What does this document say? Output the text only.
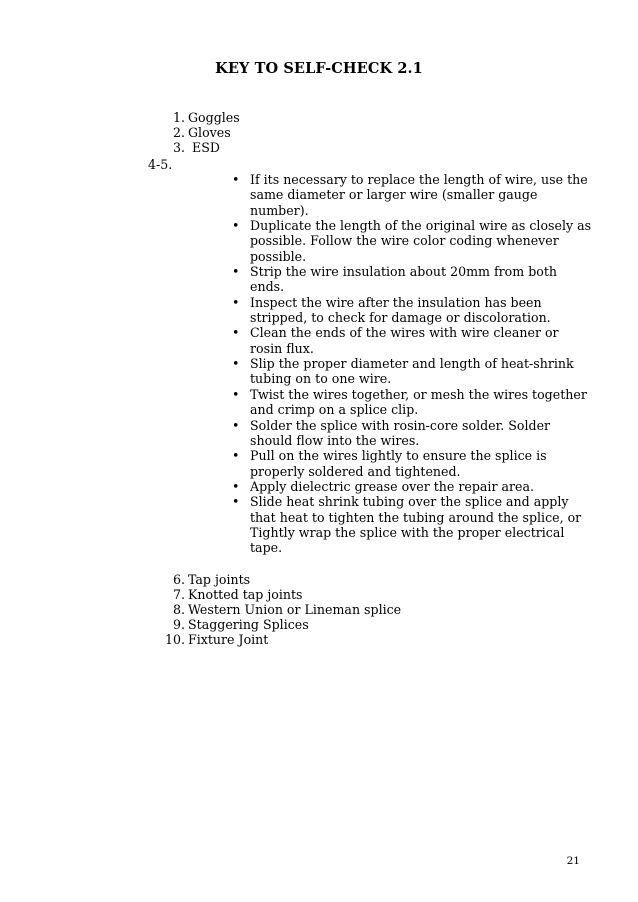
KEY TO SELF-CHECK 2.1
1. Goggles
2. Gloves
3. ESD
4-5.
• If its necessary to replace the length of wire, use the same diameter or larger wire (smaller gauge number).
• Duplicate the length of the original wire as closely as possible. Follow the wire color coding whenever possible.
• Strip the wire insulation about 20mm from both ends.
• Inspect the wire after the insulation has been stripped, to check for damage or discoloration.
• Clean the ends of the wires with wire cleaner or rosin flux.
• Slip the proper diameter and length of heat-shrink tubing on to one wire.
• Twist the wires together, or mesh the wires together and crimp on a splice clip.
• Solder the splice with rosin-core solder. Solder should flow into the wires.
• Pull on the wires lightly to ensure the splice is properly soldered and tightened.
• Apply dielectric grease over the repair area.
• Slide heat shrink tubing over the splice and apply that heat to tighten the tubing around the splice, or Tightly wrap the splice with the proper electrical tape.
6. Tap joints
7. Knotted tap joints
8. Western Union or Lineman splice
9. Staggering Splices
10. Fixture Joint
21
